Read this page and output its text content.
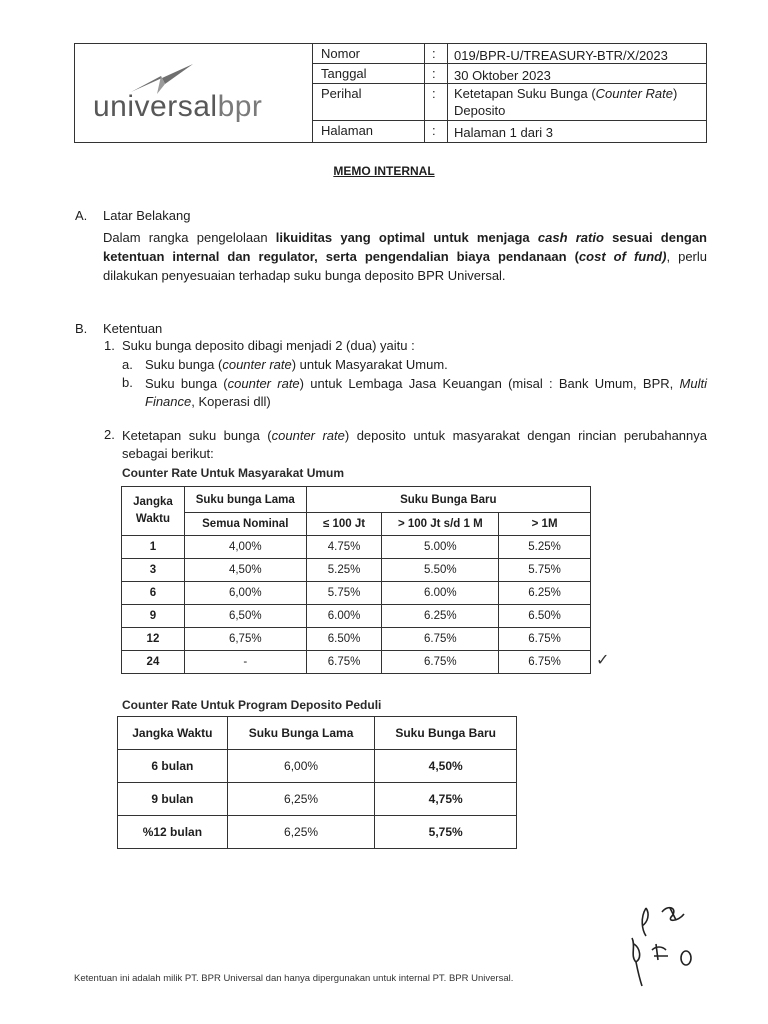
universalbpr
Nomor	: 019/BPR-U/TREASURY-BTR/X/2023
Tanggal	: 30 Oktober 2023
Perihal	: Ketetapan Suku Bunga (Counter Rate)
Deposito
Halaman	: Halaman 1 dari 3
MEMO INTERNAL
A. Latar Belakang
Dalam rangka pengelolaan likuiditas yang optimal untuk menjaga cash ratio sesuai dengan ketentuan internal dan regulator, serta pengendalian biaya pendanaan (cost of fund), perlu dilakukan penyesuaian terhadap suku bunga deposito BPR Universal.
B. Ketentuan
1. Suku bunga deposito dibagi menjadi 2 (dua) yaitu :
a. Suku bunga (counter rate) untuk Masyarakat Umum.
b. Suku bunga (counter rate) untuk Lembaga Jasa Keuangan (misal : Bank Umum, BPR, Multi Finance, Koperasi dll)
2. Ketetapan suku bunga (counter rate) deposito untuk masyarakat dengan rincian perubahannya sebagai berikut:
Counter Rate Untuk Masyarakat Umum
Jangka Waktu	Suku bunga Lama	Suku Bunga Baru		
	Semua Nominal	≤ 100 Jt	> 100 Jt s/d 1 M	> 1M
1	4,00%	4.75%	5.00%	5.25%
3	4,50%	5.25%	5.50%	5.75%
6	6,00%	5.75%	6.00%	6.25%
9	6,50%	6.00%	6.25%	6.50%
12	6,75%	6.50%	6.75%	6.75%
24	-	6.75%	6.75%	6.75% ✓
Counter Rate Untuk Program Deposito Peduli
Jangka Waktu	Suku Bunga Lama	Suku Bunga Baru
6 bulan	6,00%	4,50%
9 bulan	6,25%	4,75%
%12 bulan	6,25%	5,75%
Ketentuan ini adalah milik PT. BPR Universal dan hanya dipergunakan untuk internal PT. BPR Universal.
